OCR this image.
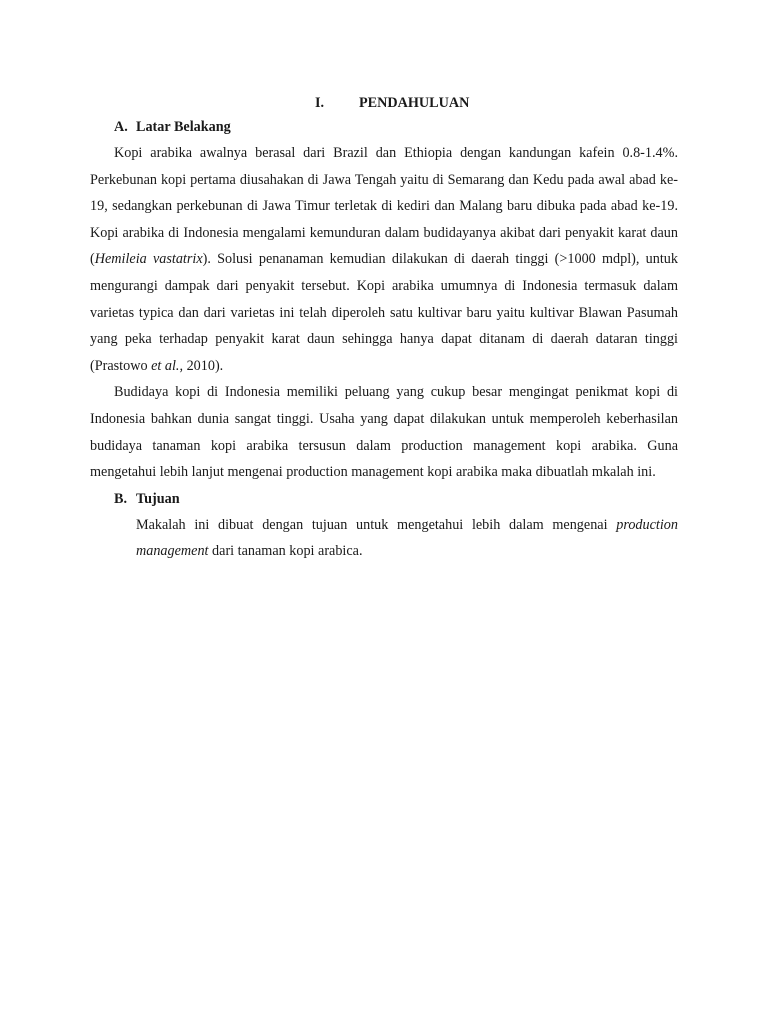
I. PENDAHULUAN
A. Latar Belakang

Kopi arabika awalnya berasal dari Brazil dan Ethiopia dengan kandungan kafein 0.8-1.4%. Perkebunan kopi pertama diusahakan di Jawa Tengah yaitu di Semarang dan Kedu pada awal abad ke-19, sedangkan perkebunan di Jawa Timur terletak di kediri dan Malang baru dibuka pada abad ke-19. Kopi arabika di Indonesia mengalami kemunduran dalam budidayanya akibat dari penyakit karat daun (Hemileia vastatrix). Solusi penanaman kemudian dilakukan di daerah tinggi (>1000 mdpl), untuk mengurangi dampak dari penyakit tersebut. Kopi arabika umumnya di Indonesia termasuk dalam varietas typica dan dari varietas ini telah diperoleh satu kultivar baru yaitu kultivar Blawan Pasumah yang peka terhadap penyakit karat daun sehingga hanya dapat ditanam di daerah dataran tinggi (Prastowo et al., 2010).

Budidaya kopi di Indonesia memiliki peluang yang cukup besar mengingat penikmat kopi di Indonesia bahkan dunia sangat tinggi. Usaha yang dapat dilakukan untuk memperoleh keberhasilan budidaya tanaman kopi arabika tersusun dalam production management kopi arabika. Guna mengetahui lebih lanjut mengenai production management kopi arabika maka dibuatlah mkalah ini.

B. Tujuan

Makalah ini dibuat dengan tujuan untuk mengetahui lebih dalam mengenai production management dari tanaman kopi arabica.
